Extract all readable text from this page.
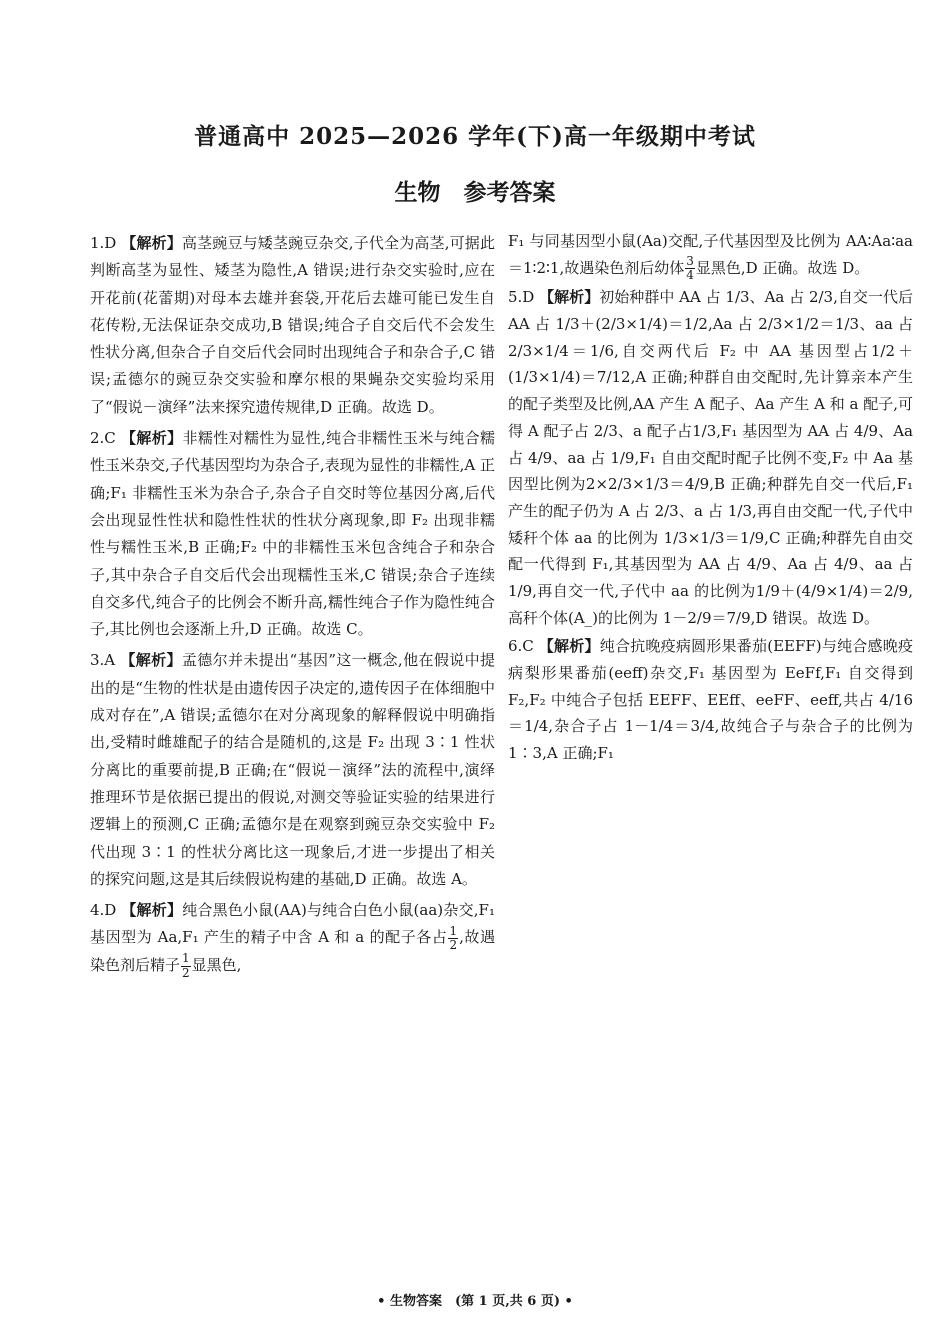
普通高中 2025—2026 学年(下)高一年级期中考试
生物　参考答案

1.D 【解析】高茎豌豆与矮茎豌豆杂交,子代全为高茎,可据此判断高茎为显性、矮茎为隐性,A 错误;进行杂交实验时,应在开花前(花蕾期)对母本去雄并套袋,开花后去雄可能已发生自花传粉,无法保证杂交成功,B 错误;纯合子自交后代不会发生性状分离,但杂合子自交后代会同时出现纯合子和杂合子,C 错误;孟德尔的豌豆杂交实验和摩尔根的果蝇杂交实验均采用了“假说－演绎”法来探究遗传规律,D 正确。故选 D。

2.C 【解析】非糯性对糯性为显性,纯合非糯性玉米与纯合糯性玉米杂交,子代基因型均为杂合子,表现为显性的非糯性,A 正确;F₁ 非糯性玉米为杂合子,杂合子自交时等位基因分离,后代会出现显性性状和隐性性状的性状分离现象,即 F₂ 出现非糯性与糯性玉米,B 正确;F₂ 中的非糯性玉米包含纯合子和杂合子,其中杂合子自交后代会出现糯性玉米,C 错误;杂合子连续自交多代,纯合子的比例会不断升高,糯性纯合子作为隐性纯合子,其比例也会逐渐上升,D 正确。故选 C。

3.A 【解析】孟德尔并未提出“基因”这一概念,他在假说中提出的是“生物的性状是由遗传因子决定的,遗传因子在体细胞中成对存在”,A 错误;孟德尔在对分离现象的解释假说中明确指出,受精时雌雄配子的结合是随机的,这是 F₂ 出现 3∶1 性状分离比的重要前提,B 正确;在“假说－演绎”法的流程中,演绎推理环节是依据已提出的假说,对测交等验证实验的结果进行逻辑上的预测,C 正确;孟德尔是在观察到豌豆杂交实验中 F₂ 代出现 3∶1 的性状分离比这一现象后,才进一步提出了相关的探究问题,这是其后续假说构建的基础,D 正确。故选 A。

4.D 【解析】纯合黑色小鼠(AA)与纯合白色小鼠(aa)杂交,F₁ 基因型为 Aa,F₁ 产生的精子中含 A 和 a 的配子各占 $\frac{1}{2}$ ,故遇染色剂后精子 $\frac{1}{2}$ 显黑色,

F₁ 与同基因型小鼠(Aa)交配,子代基因型及比例为 AA∶Aa∶aa＝1∶2∶1,故遇染色剂后幼体 $\frac{3}{4}$ 显黑色,D 正确。故选 D。

5.D 【解析】初始种群中 AA 占 1/3、Aa 占 2/3,自交一代后 AA 占 1/3＋(2/3×1/4)＝1/2,Aa 占 2/3×1/2＝1/3、aa 占 2/3×1/4＝1/6,自交两代后 F₂ 中 AA 基因型占1/2＋(1/3×1/4)＝7/12,A 正确;种群自由交配时,先计算亲本产生的配子类型及比例,AA 产生 A 配子、Aa 产生 A 和 a 配子,可得 A 配子占 2/3、a 配子占1/3,F₁ 基因型为 AA 占 4/9、Aa 占 4/9、aa 占 1/9,F₁ 自由交配时配子比例不变,F₂ 中 Aa 基因型比例为2×2/3×1/3＝4/9,B 正确;种群先自交一代后,F₁ 产生的配子仍为 A 占 2/3、a 占 1/3,再自由交配一代,子代中矮秆个体 aa 的比例为 1/3×1/3＝1/9,C 正确;种群先自由交配一代得到 F₁,其基因型为 AA 占 4/9、Aa 占 4/9、aa 占 1/9,再自交一代,子代中 aa 的比例为1/9＋(4/9×1/4)＝2/9,高秆个体(A_)的比例为 1－2/9＝7/9,D 错误。故选 D。

6.C 【解析】纯合抗晚疫病圆形果番茄(EEFF)与纯合感晚疫病梨形果番茄(eeff)杂交,F₁ 基因型为 EeFf,F₁ 自交得到 F₂,F₂ 中纯合子包括 EEFF、EEff、eeFF、eeff,共占 4/16＝1/4,杂合子占 1－1/4＝3/4,故纯合子与杂合子的比例为 1∶3,A 正确;F₁

• 生物答案　(第 1 页,共 6 页) •
